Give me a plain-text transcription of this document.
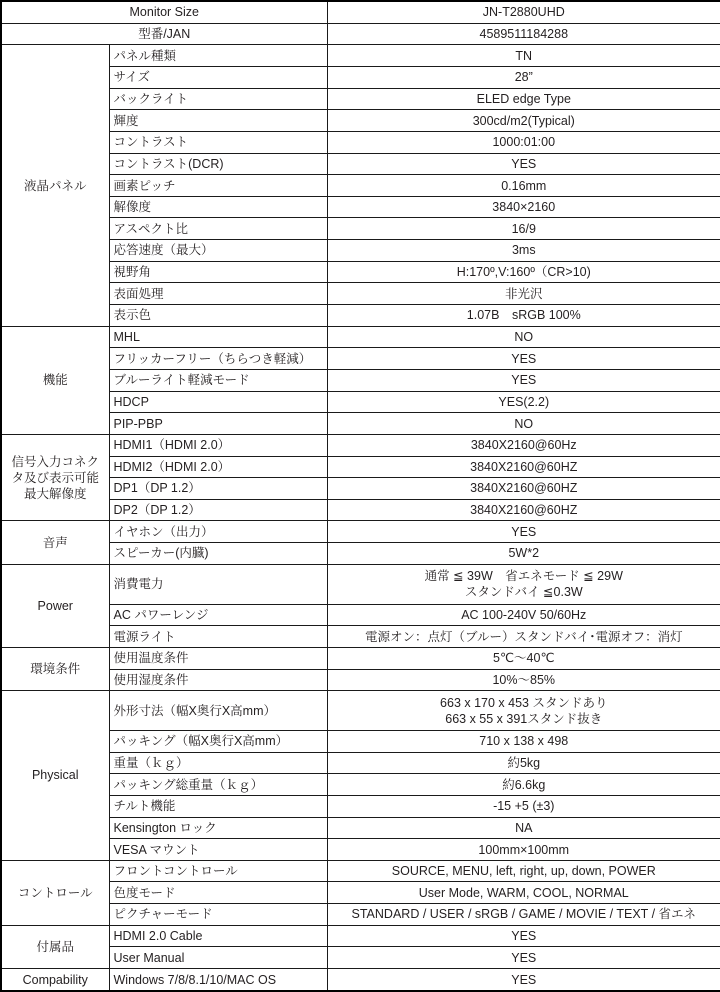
Monitor Size		JN-T2880UHD
型番/JAN		4589511184288
液晶パネル	パネル種類	TN
	サイズ	28”
	バックライト	ELED edge Type
	輝度	300cd/m2(Typical)
	コントラスト	1000:01:00
	コントラスト(DCR)	YES
	画素ピッチ	0.16mm
	解像度	3840×2160
	アスペクト比	16/9
	応答速度（最大）	3ms
	視野角	H:170º,V:160º（CR>10)
	表面処理	非光沢
	表示色	1.07B　sRGB 100%
機能	MHL	NO
	フリッカーフリー（ちらつき軽減）	YES
	ブルーライト軽減モード	YES
	HDCP	YES(2.2)
	PIP-PBP	NO
信号入力コネクタ及び表示可能最大解像度	HDMI1（HDMI 2.0）	3840X2160@60Hz
	HDMI2（HDMI 2.0）	3840X2160@60HZ
	DP1（DP 1.2）	3840X2160@60HZ
	DP2（DP 1.2）	3840X2160@60HZ
音声	イヤホン（出力）	YES
	スピーカー(内臓)	5W*2
Power	消費電力	通常 ≦ 39W　省エネモード ≦ 29W
スタンドバイ ≦0.3W

	AC パワーレンジ	AC 100-240V 50/60Hz
	電源ライト	電源オン：点灯（ブルー）スタンドバイ･電源オフ：消灯
環境条件	使用温度条件	5℃〜40℃
	使用湿度条件	10%〜85%
Physical	外形寸法（幅X奥行X高mm）	663 x 170 x 453 スタンドあり
663 x 55 x 391スタンド抜き

	パッキング（幅X奥行X高mm）	710 x 138 x 498
	重量（ｋｇ）	約5kg
	パッキング総重量（ｋｇ）	約6.6kg
	チルト機能	-15 +5 (±3)
	Kensington ロック	NA
	VESA マウント	100mm×100mm
コントロール	フロントコントロール	SOURCE, MENU, left, right, up, down, POWER
	色度モード	User Mode, WARM, COOL, NORMAL
	ピクチャーモード	STANDARD / USER / sRGB / GAME / MOVIE / TEXT / 省エネ
付属品	HDMI 2.0 Cable	YES
	User Manual	YES
Compability	Windows 7/8/8.1/10/MAC OS	YES
